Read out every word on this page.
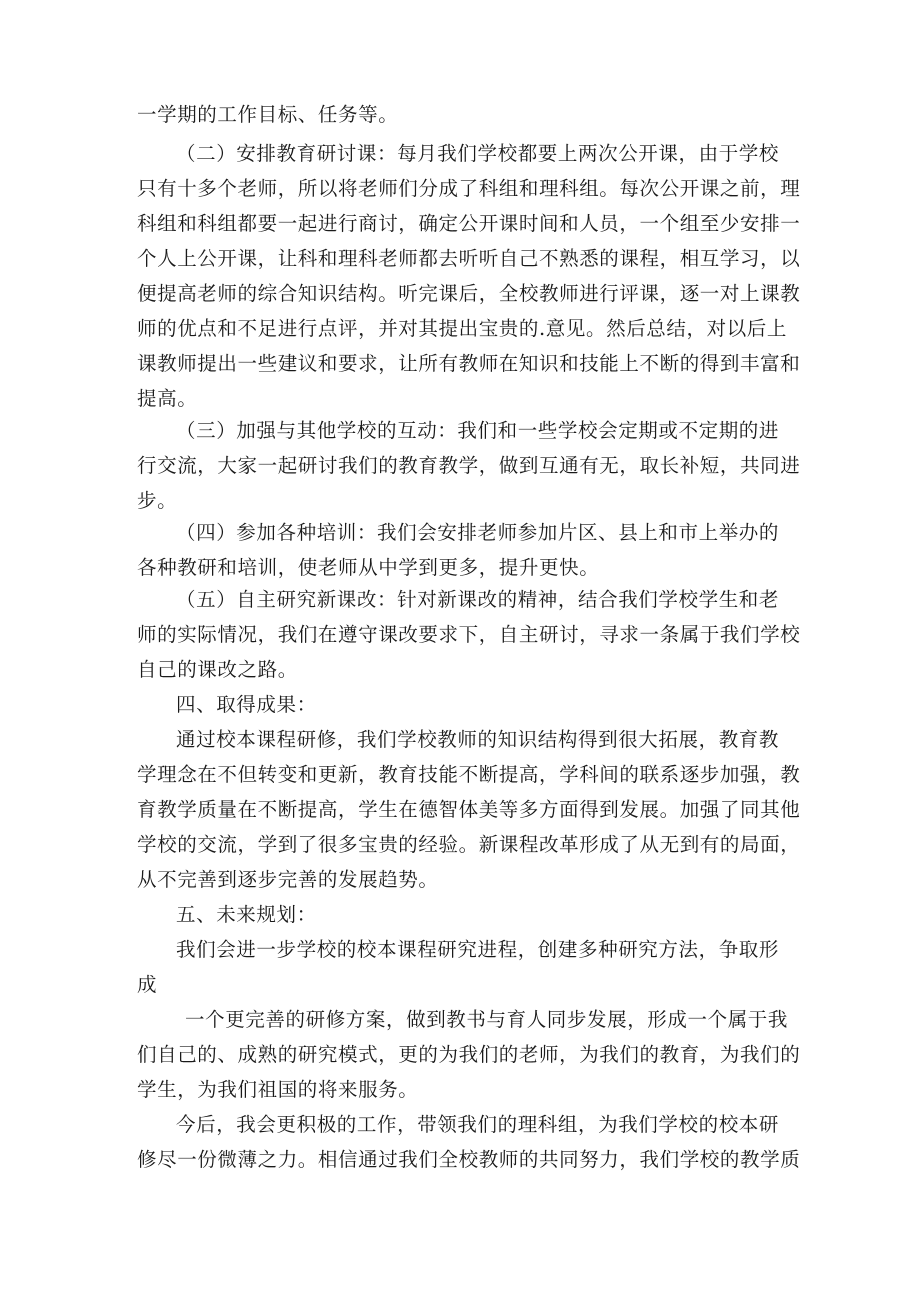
一学期的工作目标、任务等。
（二）安排教育研讨课：每月我们学校都要上两次公开课，由于学校
只有十多个老师，所以将老师们分成了科组和理科组。每次公开课之前，理
科组和科组都要一起进行商讨，确定公开课时间和人员，一个组至少安排一
个人上公开课，让科和理科老师都去听听自己不熟悉的课程，相互学习，以
便提高老师的综合知识结构。听完课后，全校教师进行评课，逐一对上课教
师的优点和不足进行点评，并对其提出宝贵的.意见。然后总结，对以后上
课教师提出一些建议和要求，让所有教师在知识和技能上不断的得到丰富和
提高。
（三）加强与其他学校的互动：我们和一些学校会定期或不定期的进
行交流，大家一起研讨我们的教育教学，做到互通有无，取长补短，共同进
步。
（四）参加各种培训：我们会安排老师参加片区、县上和市上举办的
各种教研和培训，使老师从中学到更多，提升更快。
（五）自主研究新课改：针对新课改的精神，结合我们学校学生和老
师的实际情况，我们在遵守课改要求下，自主研讨，寻求一条属于我们学校
自己的课改之路。
四、取得成果：
通过校本课程研修，我们学校教师的知识结构得到很大拓展，教育教
学理念在不但转变和更新，教育技能不断提高，学科间的联系逐步加强，教
育教学质量在不断提高，学生在德智体美等多方面得到发展。加强了同其他
学校的交流，学到了很多宝贵的经验。新课程改革形成了从无到有的局面，
从不完善到逐步完善的发展趋势。
五、未来规划：
我们会进一步学校的校本课程研究进程，创建多种研究方法，争取形
成
一个更完善的研修方案，做到教书与育人同步发展，形成一个属于我
们自己的、成熟的研究模式，更的为我们的老师，为我们的教育，为我们的
学生，为我们祖国的将来服务。
今后，我会更积极的工作，带领我们的理科组，为我们学校的校本研
修尽一份微薄之力。相信通过我们全校教师的共同努力，我们学校的教学质
